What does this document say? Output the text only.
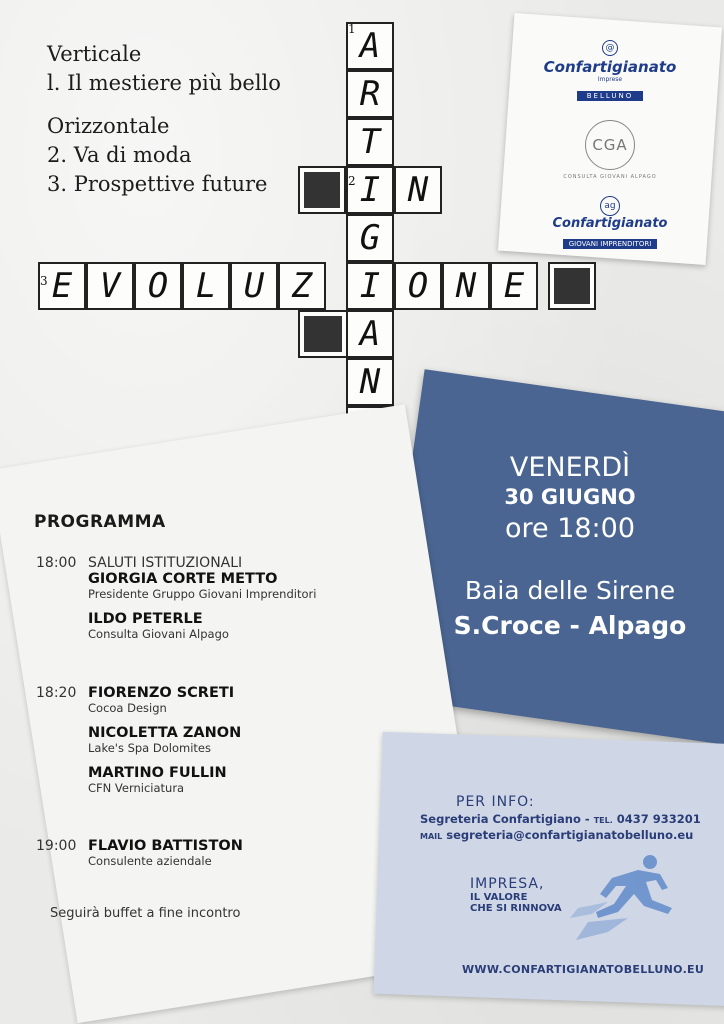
Verticale
l. Il mestiere più bello
Orizzontale
2. Va di moda
3. Prospettive future
A
R
T
I
G
I
A
N
N
E V O L U Z	O N E
1
2
3
@
Confartigianato
Imprese
BELLUNO
CGA
CONSULTA GIOVANI ALPAGO
ag
Confartigianato
GIOVANI IMPRENDITORI
VENERDÌ
30 GIUGNO
ore 18:00
Baia delle Sirene
S.Croce - Alpago
PROGRAMMA
18:00 SALUTI ISTITUZIONALI
GIORGIA CORTE METTO
Presidente Gruppo Giovani Imprenditori
ILDO PETERLE
Consulta Giovani Alpago
18:20 FIORENZO SCRETI
Cocoa Design
NICOLETTA ZANON
Lake's Spa Dolomites
MARTINO FULLIN
CFN Verniciatura
19:00 FLAVIO BATTISTON
Consulente aziendale
Seguirà buffet a fine incontro
PER INFO:
Segreteria Confartigiano - TEL. 0437 933201
MAIL segreteria@confartigianatobelluno.eu
IMPRESA,
IL VALORE
CHE SI RINNOVA
WWW.CONFARTIGIANATOBELLUNO.EU
